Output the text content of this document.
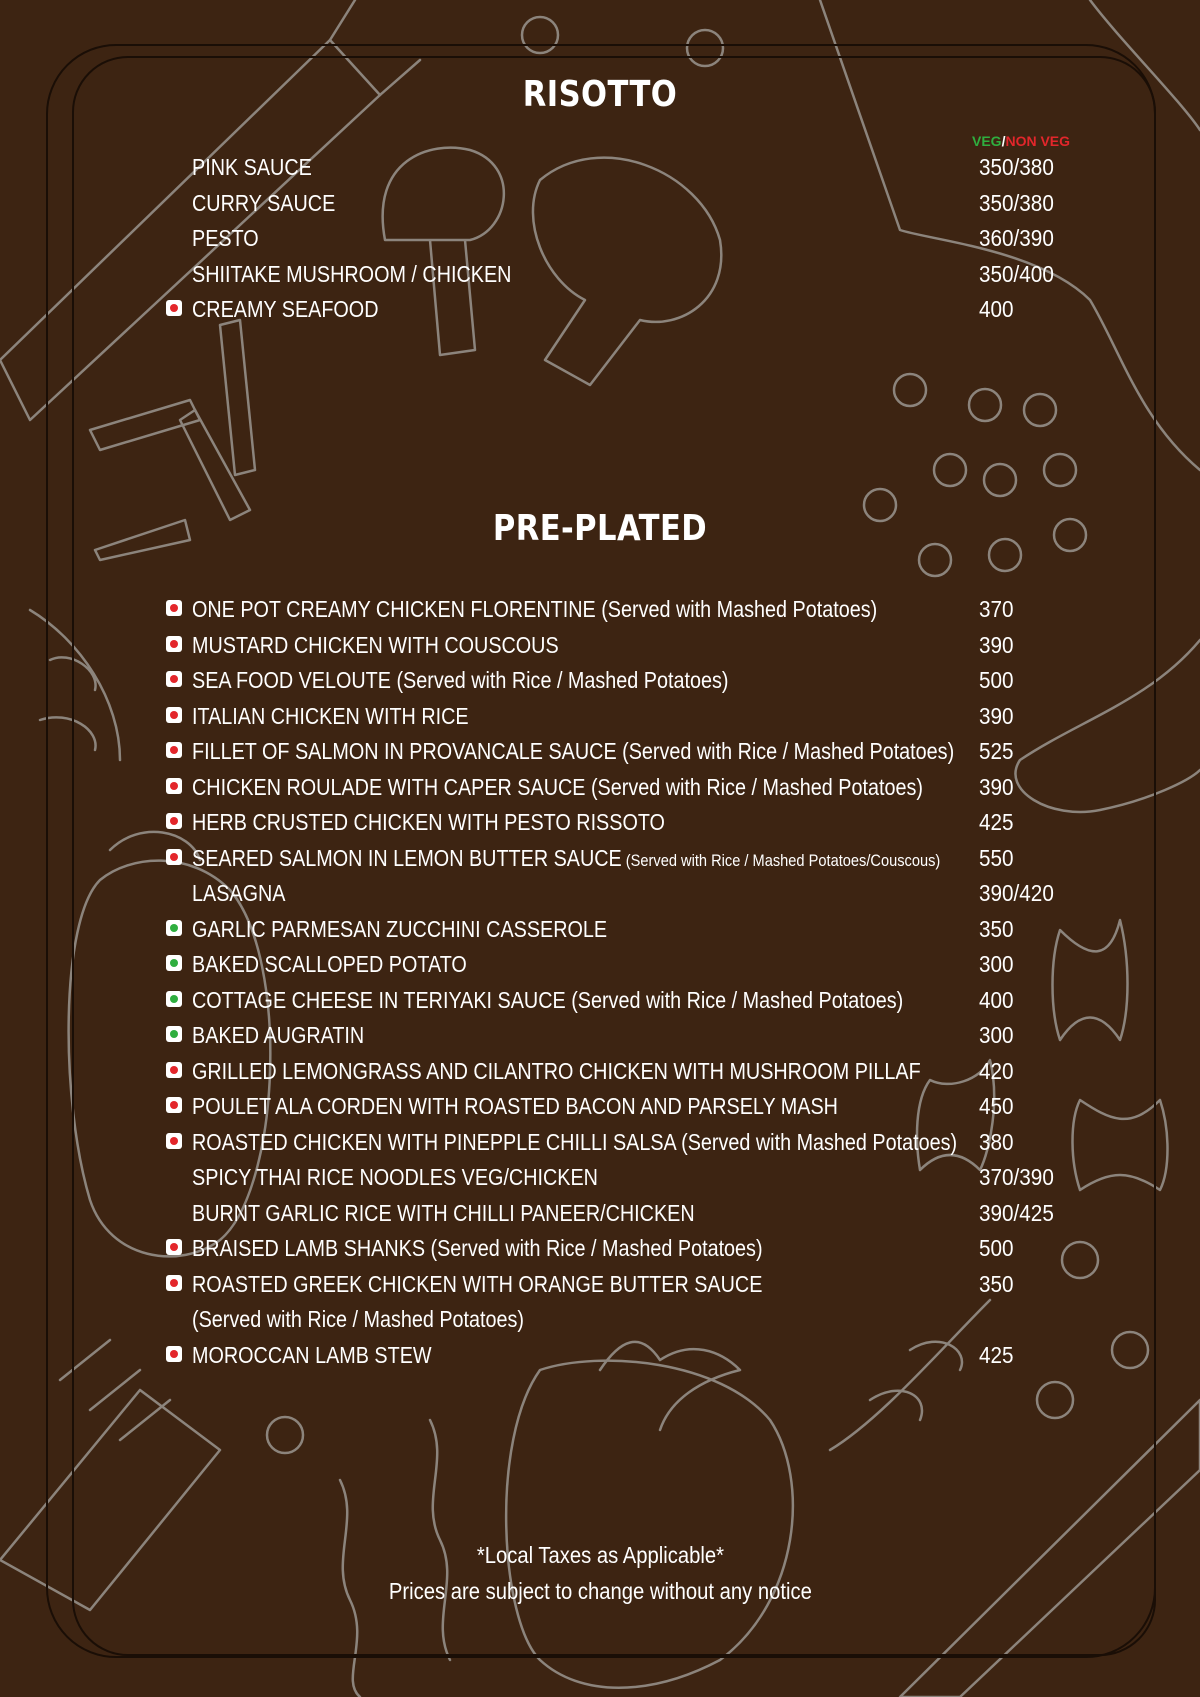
RISOTTO
VEG/NON VEG
PINK SAUCE	350/380
CURRY SAUCE	350/380
PESTO	360/390
SHIITAKE MUSHROOM / CHICKEN	350/400
CREAMY SEAFOOD	400
PRE-PLATED
ONE POT CREAMY CHICKEN FLORENTINE (Served with Mashed Potatoes)	370
MUSTARD CHICKEN WITH COUSCOUS	390
SEA FOOD VELOUTE (Served with Rice / Mashed Potatoes)	500
ITALIAN CHICKEN WITH RICE	390
FILLET OF SALMON IN PROVANCALE SAUCE (Served with Rice / Mashed Potatoes) 525
CHICKEN ROULADE WITH CAPER SAUCE (Served with Rice / Mashed Potatoes) 390
HERB CRUSTED CHICKEN WITH PESTO RISSOTO	425
SEARED SALMON IN LEMON BUTTER SAUCE (Served with Rice / Mashed Potatoes/Couscous) 550
LASAGNA	390/420
GARLIC PARMESAN ZUCCHINI CASSEROLE	350
BAKED SCALLOPED POTATO	300
COTTAGE CHEESE IN TERIYAKI SAUCE (Served with Rice / Mashed Potatoes)	400
BAKED AUGRATIN	300
GRILLED LEMONGRASS AND CILANTRO CHICKEN WITH MUSHROOM PILLAF	420
POULET ALA CORDEN WITH ROASTED BACON AND PARSELY MASH	450
ROASTED CHICKEN WITH PINEPPLE CHILLI SALSA (Served with Mashed Potatoes) 380
SPICY THAI RICE NOODLES VEG/CHICKEN	370/390
BURNT GARLIC RICE WITH CHILLI PANEER/CHICKEN	390/425
BRAISED LAMB SHANKS (Served with Rice / Mashed Potatoes)	500
ROASTED GREEK CHICKEN WITH ORANGE BUTTER SAUCE	350
(Served with Rice / Mashed Potatoes)
MOROCCAN LAMB STEW	425
*Local Taxes as Applicable*
Prices are subject to change without any notice
